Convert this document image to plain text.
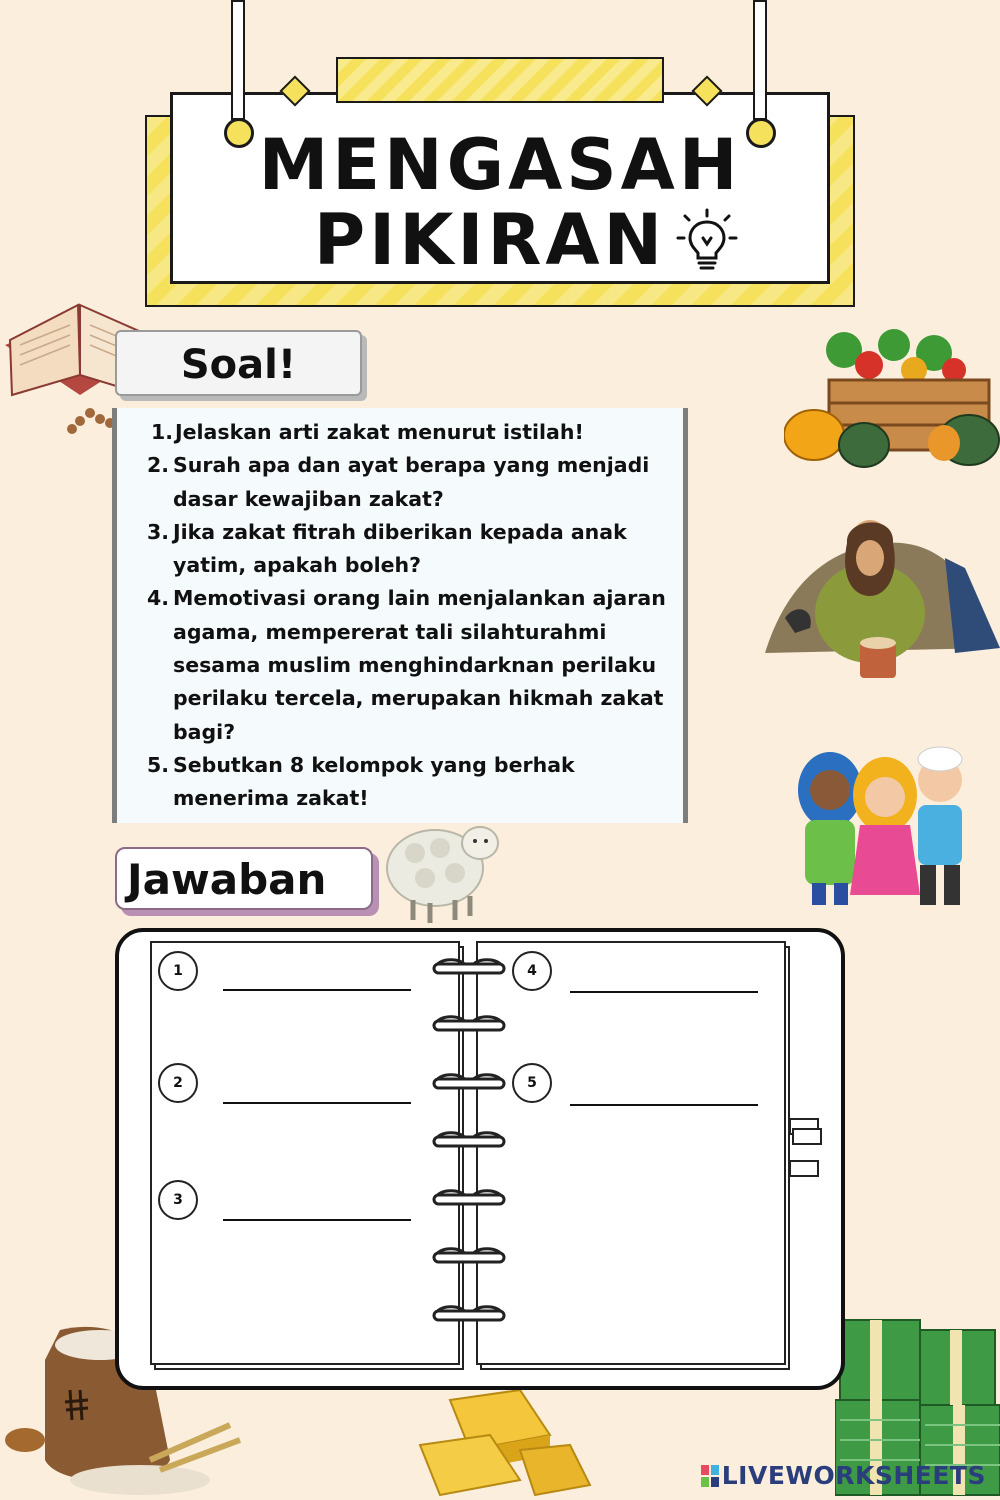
MENGASAH
PIKIRAN
Soal!
1. Jelaskan arti zakat menurut istilah!
2. Surah apa dan ayat berapa yang menjadi dasar kewajiban zakat?
3. Jika zakat fitrah diberikan kepada anak yatim, apakah boleh?
4. Memotivasi orang lain menjalankan ajaran agama, mempererat tali silahturahmi sesama muslim menghindarknan perilaku perilaku tercela, merupakan hikmah zakat bagi?
5. Sebutkan 8 kelompok yang berhak menerima zakat!
Jawaban
1
2
3
4
5
LIVEWORKSHEETS
